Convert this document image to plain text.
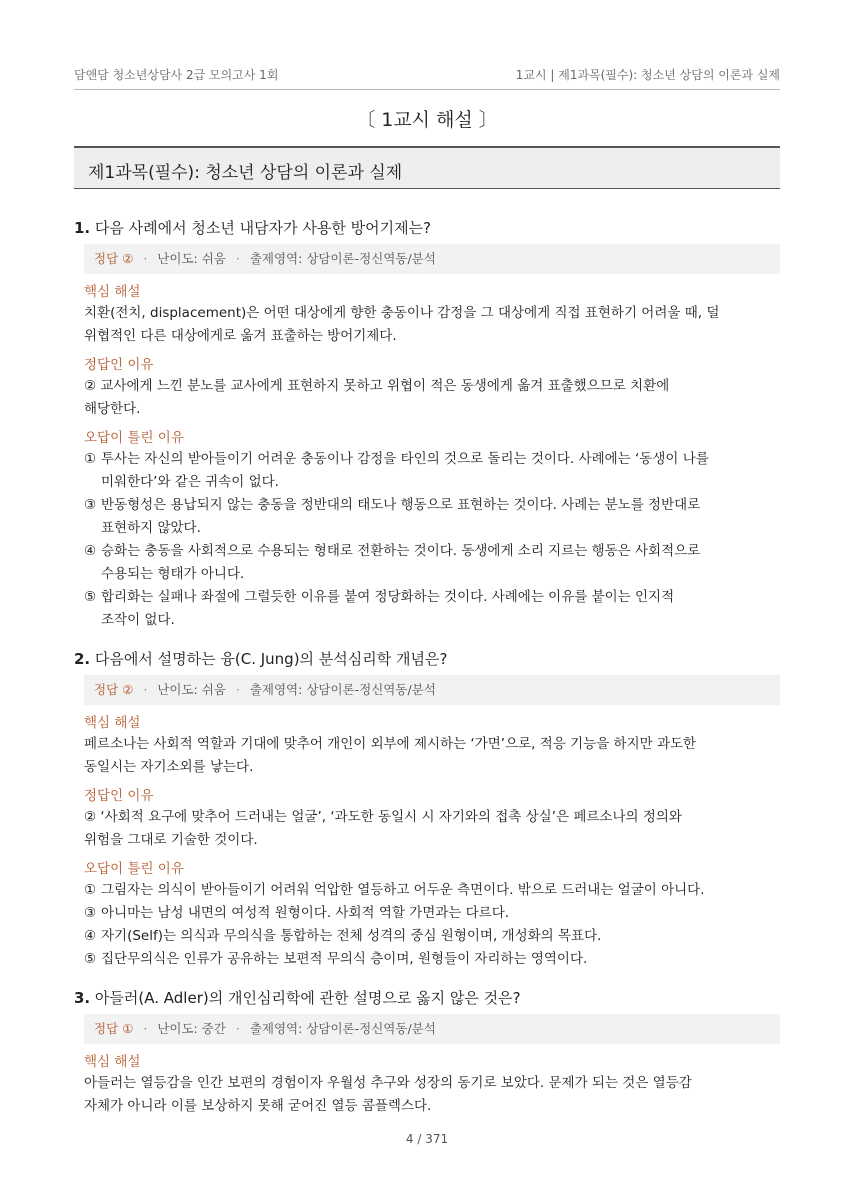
담앤담 청소년상담사 2급 모의고사 1회	1교시 | 제1과목(필수): 청소년 상담의 이론과 실제
〔 1교시 해설 〕
제1과목(필수): 청소년 상담의 이론과 실제
1. 다음 사례에서 청소년 내담자가 사용한 방어기제는?
정답 ② · 난이도: 쉬움 · 출제영역: 상담이론-정신역동/분석
핵심 해설

치환(전치, displacement)은 어떤 대상에게 향한 충동이나 감정을 그 대상에게 직접 표현하기 어려울 때, 덜

위협적인 다른 대상에게로 옮겨 표출하는 방어기제다.

정답인 이유

② 교사에게 느낀 분노를 교사에게 표현하지 못하고 위협이 적은 동생에게 옮겨 표출했으므로 치환에

해당한다.

오답이 틀린 이유
① 투사는 자신의 받아들이기 어려운 충동이나 감정을 타인의 것으로 돌리는 것이다. 사례에는 ‘동생이 나를
미워한다’와 같은 귀속이 없다.
③ 반동형성은 용납되지 않는 충동을 정반대의 태도나 행동으로 표현하는 것이다. 사례는 분노를 정반대로
표현하지 않았다.
④ 승화는 충동을 사회적으로 수용되는 형태로 전환하는 것이다. 동생에게 소리 지르는 행동은 사회적으로
수용되는 형태가 아니다.
⑤ 합리화는 실패나 좌절에 그럴듯한 이유를 붙여 정당화하는 것이다. 사례에는 이유를 붙이는 인지적
조작이 없다.
2. 다음에서 설명하는 융(C. Jung)의 분석심리학 개념은?
정답 ② · 난이도: 쉬움 · 출제영역: 상담이론-정신역동/분석
핵심 해설

페르소나는 사회적 역할과 기대에 맞추어 개인이 외부에 제시하는 ‘가면’으로, 적응 기능을 하지만 과도한

동일시는 자기소외를 낳는다.

정답인 이유

② ‘사회적 요구에 맞추어 드러내는 얼굴’, ‘과도한 동일시 시 자기와의 접촉 상실’은 페르소나의 정의와

위험을 그대로 기술한 것이다.

오답이 틀린 이유
① 그림자는 의식이 받아들이기 어려워 억압한 열등하고 어두운 측면이다. 밖으로 드러내는 얼굴이 아니다.
③ 아니마는 남성 내면의 여성적 원형이다. 사회적 역할 가면과는 다르다.
④ 자기(Self)는 의식과 무의식을 통합하는 전체 성격의 중심 원형이며, 개성화의 목표다.
⑤ 집단무의식은 인류가 공유하는 보편적 무의식 층이며, 원형들이 자리하는 영역이다.
3. 아들러(A. Adler)의 개인심리학에 관한 설명으로 옳지 않은 것은?
정답 ① · 난이도: 중간 · 출제영역: 상담이론-정신역동/분석
핵심 해설

아들러는 열등감을 인간 보편의 경험이자 우월성 추구와 성장의 동기로 보았다. 문제가 되는 것은 열등감

자체가 아니라 이를 보상하지 못해 굳어진 열등 콤플렉스다.

4 / 371
